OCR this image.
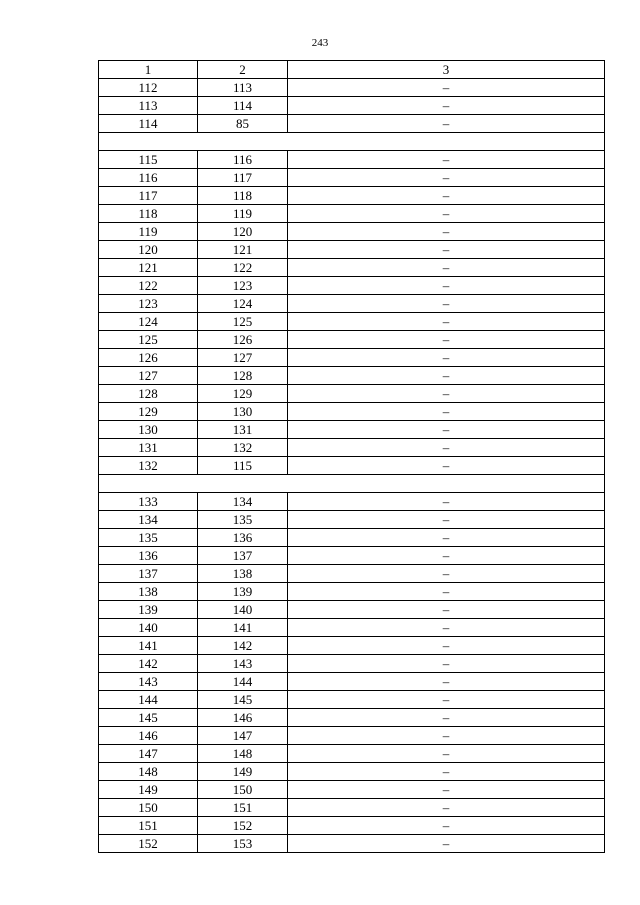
243
1	2	3
112	113	–
113	114	–
114	85	–

115	116	–
116	117	–
117	118	–
118	119	–
119	120	–
120	121	–
121	122	–
122	123	–
123	124	–
124	125	–
125	126	–
126	127	–
127	128	–
128	129	–
129	130	–
130	131	–
131	132	–
132	115	–

133	134	–
134	135	–
135	136	–
136	137	–
137	138	–
138	139	–
139	140	–
140	141	–
141	142	–
142	143	–
143	144	–
144	145	–
145	146	–
146	147	–
147	148	–
148	149	–
149	150	–
150	151	–
151	152	–
152	153	–
